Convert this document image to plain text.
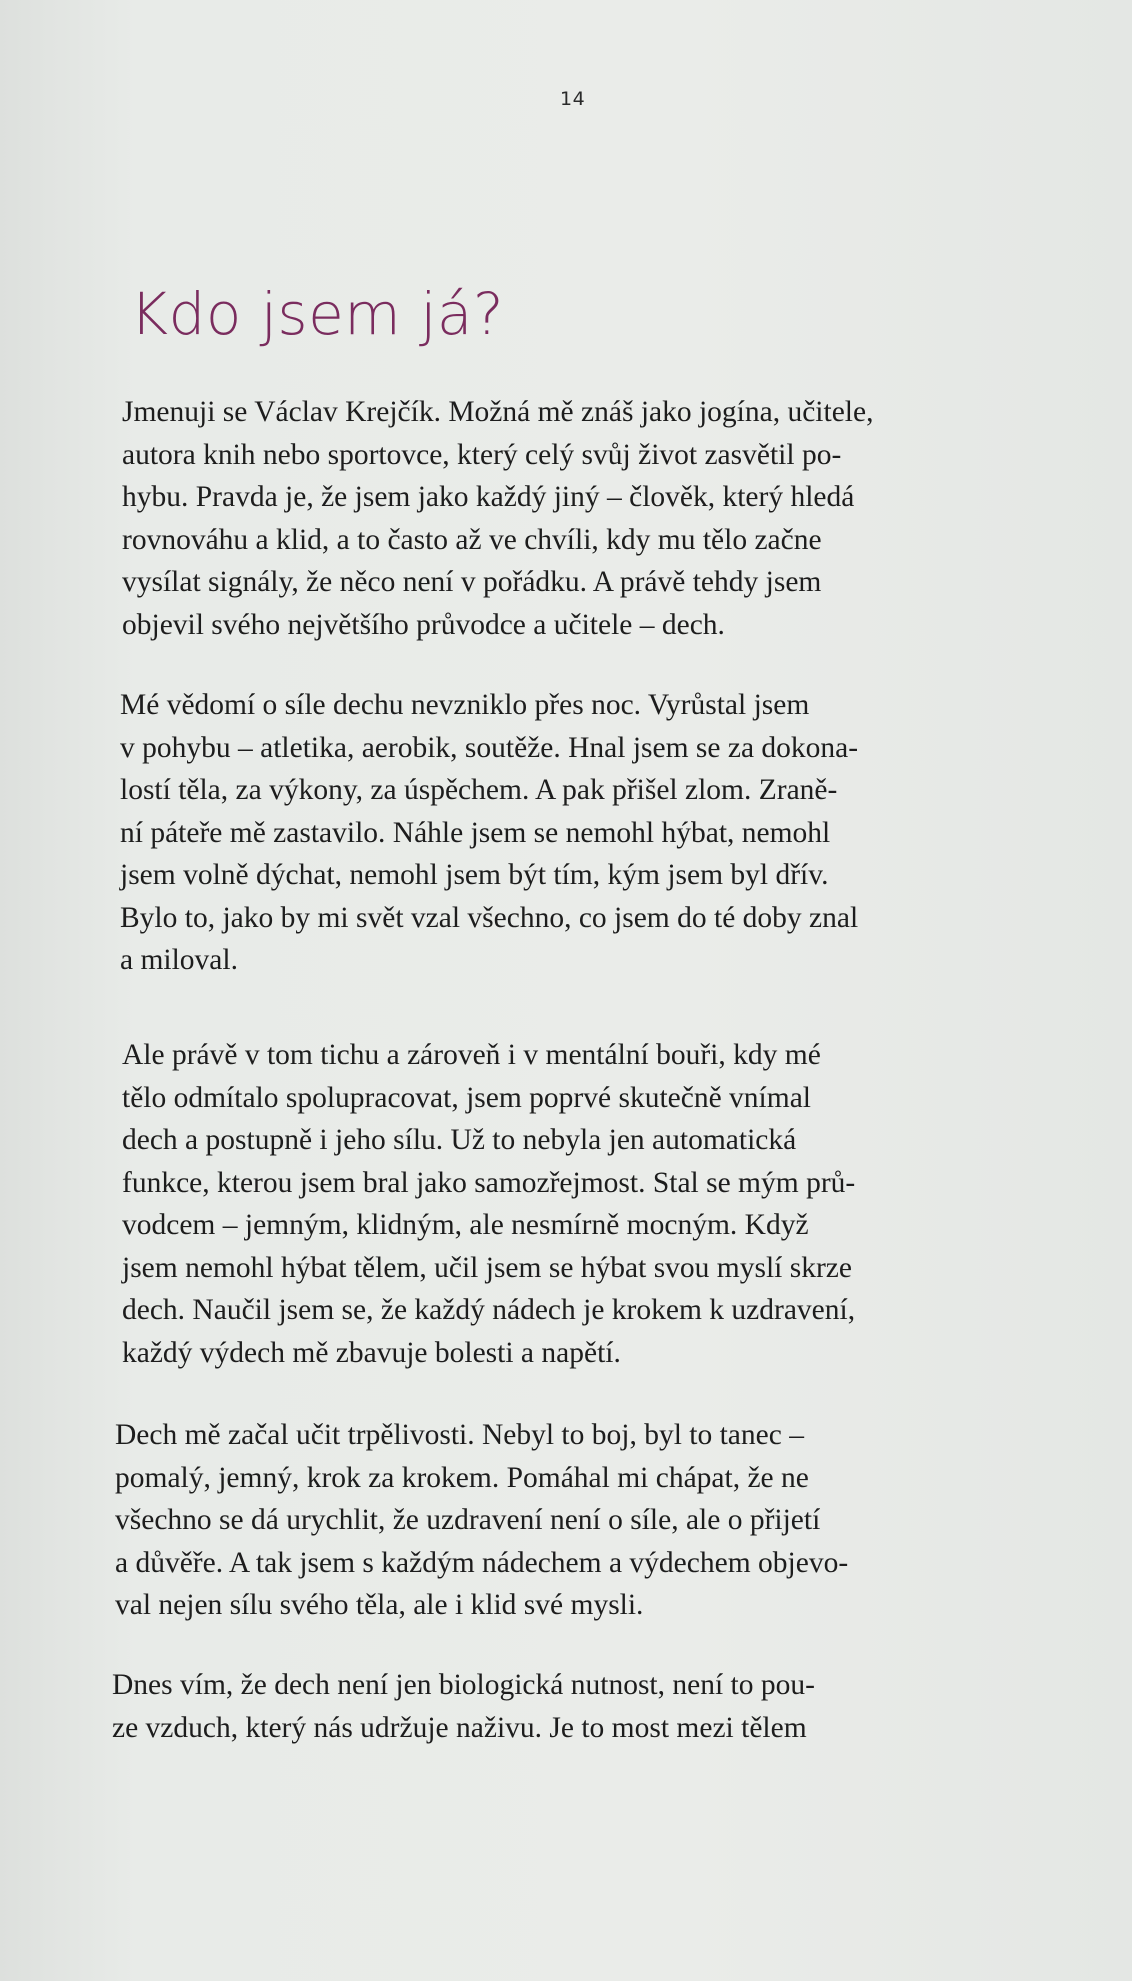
14
Kdo jsem já?
Jmenuji se Václav Krejčík. Možná mě znáš jako jogína, učitele,
autora knih nebo sportovce, který celý svůj život zasvětil po-
hybu. Pravda je, že jsem jako každý jiný – člověk, který hledá
rovnováhu a klid, a to často až ve chvíli, kdy mu tělo začne
vysílat signály, že něco není v pořádku. A právě tehdy jsem
objevil svého největšího průvodce a učitele – dech.
Mé vědomí o síle dechu nevzniklo přes noc. Vyrůstal jsem
v pohybu – atletika, aerobik, soutěže. Hnal jsem se za dokona-
lostí těla, za výkony, za úspěchem. A pak přišel zlom. Zraně-
ní páteře mě zastavilo. Náhle jsem se nemohl hýbat, nemohl
jsem volně dýchat, nemohl jsem být tím, kým jsem byl dřív.
Bylo to, jako by mi svět vzal všechno, co jsem do té doby znal
a miloval.
Ale právě v tom tichu a zároveň i v mentální bouři, kdy mé
tělo odmítalo spolupracovat, jsem poprvé skutečně vnímal
dech a postupně i jeho sílu. Už to nebyla jen automatická
funkce, kterou jsem bral jako samozřejmost. Stal se mým prů-
vodcem – jemným, klidným, ale nesmírně mocným. Když
jsem nemohl hýbat tělem, učil jsem se hýbat svou myslí skrze
dech. Naučil jsem se, že každý nádech je krokem k uzdravení,
každý výdech mě zbavuje bolesti a napětí.
Dech mě začal učit trpělivosti. Nebyl to boj, byl to tanec –
pomalý, jemný, krok za krokem. Pomáhal mi chápat, že ne
všechno se dá urychlit, že uzdravení není o síle, ale o přijetí
a důvěře. A tak jsem s každým nádechem a výdechem objevo-
val nejen sílu svého těla, ale i klid své mysli.
Dnes vím, že dech není jen biologická nutnost, není to pou-
ze vzduch, který nás udržuje naživu. Je to most mezi tělem
